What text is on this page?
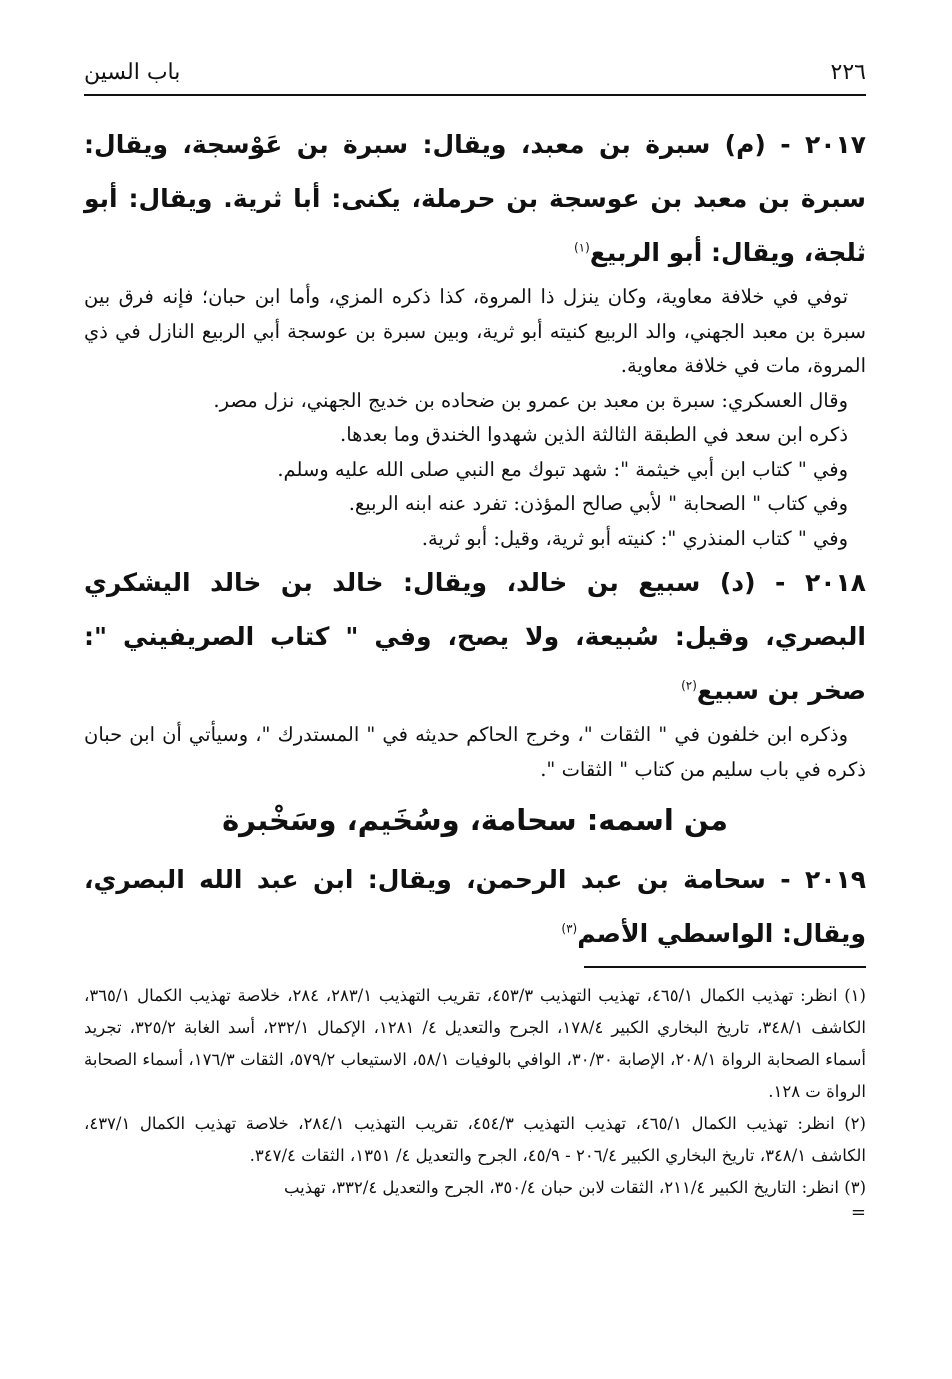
٢٢٦
باب السين

٢٠١٧ - (م) سبرة بن معبد، ويقال: سبرة بن عَوْسجة، ويقال: سبرة بن معبد بن عوسجة بن حرملة، يكنى: أبا ثرية. ويقال: أبو ثلجة، ويقال: أبو الربيع$^{(١)}$

توفي في خلافة معاوية، وكان ينزل ذا المروة، كذا ذكره المزي، وأما ابن حبان؛ فإنه فرق بين سبرة بن معبد الجهني، والد الربيع كنيته أبو ثرية، وبين سبرة بن عوسجة أبي الربيع النازل في ذي المروة، مات في خلافة معاوية.

وقال العسكري: سبرة بن معبد بن عمرو بن ضحاده بن خديج الجهني، نزل مصر.

ذكره ابن سعد في الطبقة الثالثة الذين شهدوا الخندق وما بعدها.

وفي " كتاب ابن أبي خيثمة ": شهد تبوك مع النبي صلى الله عليه وسلم.

وفي كتاب " الصحابة " لأبي صالح المؤذن: تفرد عنه ابنه الربيع.

وفي " كتاب المنذري ": كنيته أبو ثرية، وقيل: أبو ثرية.

٢٠١٨ - (د) سبيع بن خالد، ويقال: خالد بن خالد اليشكري البصري، وقيل: سُبيعة، ولا يصح، وفي " كتاب الصريفيني ": صخر بن سبيع$^{(٢)}$

وذكره ابن خلفون في " الثقات "، وخرج الحاكم حديثه في " المستدرك "، وسيأتي أن ابن حبان ذكره في باب سليم من كتاب " الثقات ".

من اسمه: سحامة، وسُخَيم، وسَخْبرة

٢٠١٩ - سحامة بن عبد الرحمن، ويقال: ابن عبد الله البصري، ويقال: الواسطي الأصم$^{(٣)}$

(١) انظر: تهذيب الكمال ٤٦٥/١، تهذيب التهذيب ٤٥٣/٣، تقريب التهذيب ٢٨٣/١، ٢٨٤، خلاصة تهذيب الكمال ٣٦٥/١، الكاشف ٣٤٨/١، تاريخ البخاري الكبير ١٧٨/٤، الجرح والتعديل ٤/ ١٢٨١، الإكمال ٢٣٢/١، أسد الغابة ٣٢٥/٢، تجريد أسماء الصحابة الرواة ٢٠٨/١، الإصابة ٣٠/٣٠، الوافي بالوفيات ٥٨/١، الاستيعاب ٥٧٩/٢، الثقات ١٧٦/٣، أسماء الصحابة الرواة ت ١٢٨.

(٢) انظر: تهذيب الكمال ٤٦٥/١، تهذيب التهذيب ٤٥٤/٣، تقريب التهذيب ٢٨٤/١، خلاصة تهذيب الكمال ٤٣٧/١، الكاشف ٣٤٨/١، تاريخ البخاري الكبير ٢٠٦/٤ - ٤٥/٩، الجرح والتعديل ٤/ ١٣٥١، الثقات ٣٤٧/٤.

(٣) انظر: التاريخ الكبير ٢١١/٤، الثقات لابن حبان ٣٥٠/٤، الجرح والتعديل ٣٣٢/٤، تهذيب

=
